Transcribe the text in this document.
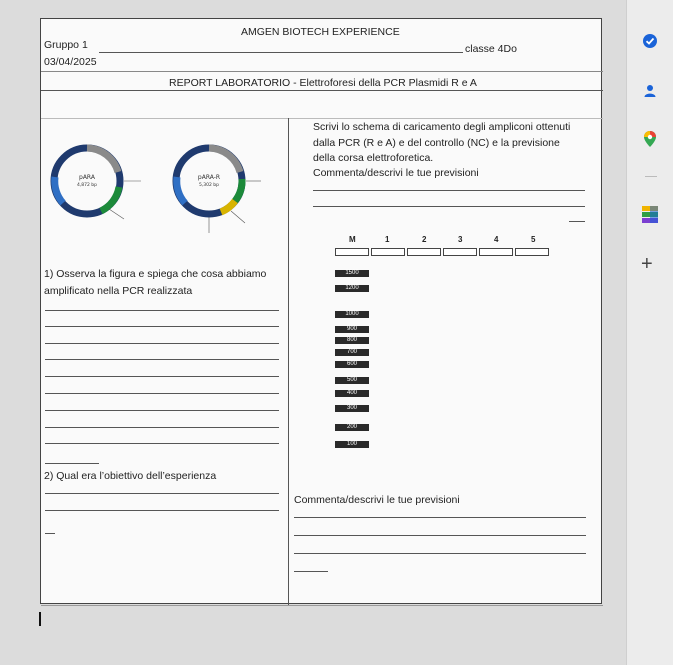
AMGEN BIOTECH EXPERIENCE
Gruppo 1	classe 4Do
03/04/2025
REPORT LABORATORIO - Elettroforesi della PCR Plasmidi R e A
pARA
4,872 bp
pARA-R
5,302 bp
Scrivi lo schema di caricamento degli ampliconi ottenuti
dalla PCR (R e A) e del controllo (NC) e la previsione
della corsa elettroforetica.
Commenta/descrivi le tue previsioni
M	1	2	3	4	5
1500
1200
1000
900
800
700
600
500
400
300
200
100
1) Osserva la figura e spiega che cosa abbiamo
amplificato nella PCR realizzata
2) Qual era l’obiettivo dell’esperienza
Commenta/descrivi le tue previsioni
+
